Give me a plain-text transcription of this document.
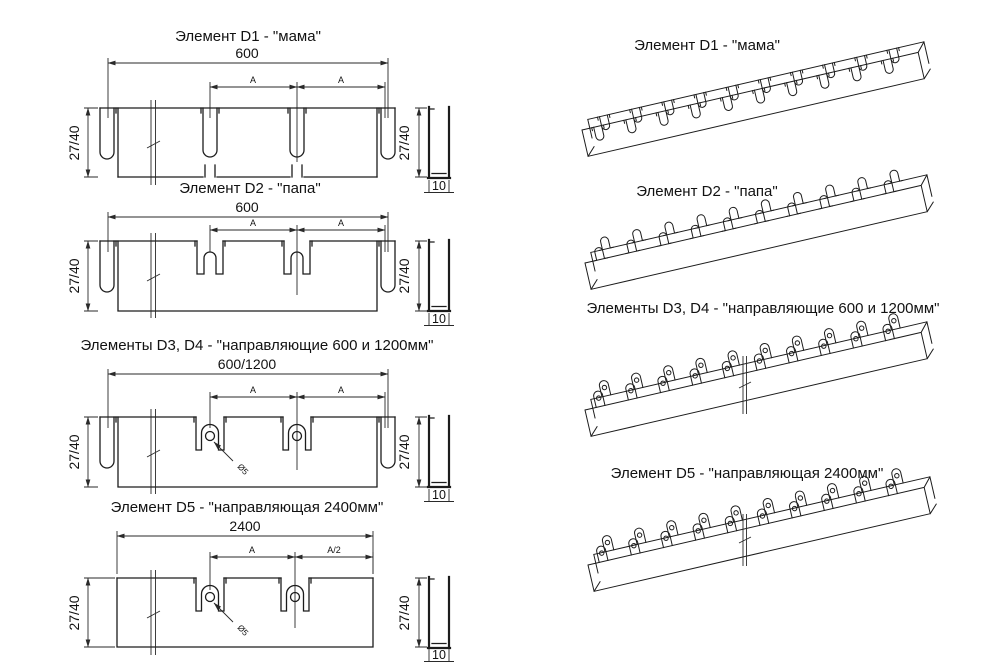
Элемент D1 - "мама"
600
A	A
27/40	27/40
10
Элемент D2 - "папа"
600
A	A
27/40	27/40
10
Элементы D3, D4 - "направляющие 600 и 1200мм"
600/1200
A	A
27/40	Ø5	27/40
10
Элемент D5 - "направляющая 2400мм"
2400
A	A/2
27/40	Ø5	27/40
10
Элемент D1 - "мама"
Элемент D2 - "папа"
Элементы D3, D4 - "направляющие 600 и 1200мм"
Элемент D5 - "направляющая 2400мм"
